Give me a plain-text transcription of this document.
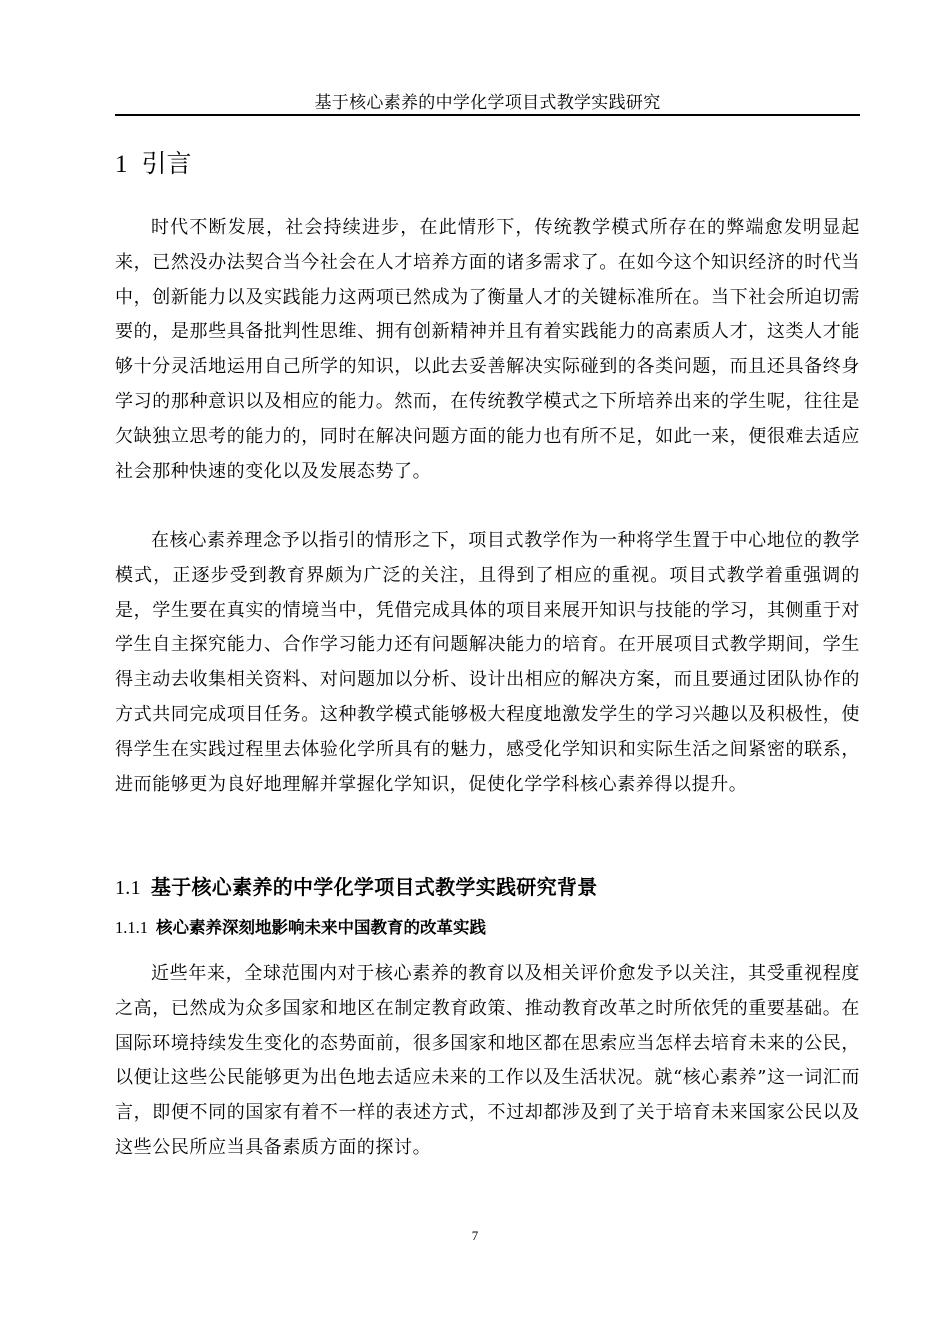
基于核心素养的中学化学项目式教学实践研究
1 引言

时代不断发展，社会持续进步，在此情形下，传统教学模式所存在的弊端愈发明显起来，已然没办法契合当今社会在人才培养方面的诸多需求了。在如今这个知识经济的时代当中，创新能力以及实践能力这两项已然成为了衡量人才的关键标准所在。当下社会所迫切需要的，是那些具备批判性思维、拥有创新精神并且有着实践能力的高素质人才，这类人才能够十分灵活地运用自己所学的知识，以此去妥善解决实际碰到的各类问题，而且还具备终身学习的那种意识以及相应的能力。然而，在传统教学模式之下所培养出来的学生呢，往往是欠缺独立思考的能力的，同时在解决问题方面的能力也有所不足，如此一来，便很难去适应社会那种快速的变化以及发展态势了。

在核心素养理念予以指引的情形之下，项目式教学作为一种将学生置于中心地位的教学模式，正逐步受到教育界颇为广泛的关注，且得到了相应的重视。项目式教学着重强调的是，学生要在真实的情境当中，凭借完成具体的项目来展开知识与技能的学习，其侧重于对学生自主探究能力、合作学习能力还有问题解决能力的培育。在开展项目式教学期间，学生得主动去收集相关资料、对问题加以分析、设计出相应的解决方案，而且要通过团队协作的方式共同完成项目任务。这种教学模式能够极大程度地激发学生的学习兴趣以及积极性，使得学生在实践过程里去体验化学所具有的魅力，感受化学知识和实际生活之间紧密的联系，进而能够更为良好地理解并掌握化学知识，促使化学学科核心素养得以提升。

1.1 基于核心素养的中学化学项目式教学实践研究背景
1.1.1 核心素养深刻地影响未来中国教育的改革实践

近些年来，全球范围内对于核心素养的教育以及相关评价愈发予以关注，其受重视程度之高，已然成为众多国家和地区在制定教育政策、推动教育改革之时所依凭的重要基础。在国际环境持续发生变化的态势面前，很多国家和地区都在思索应当怎样去培育未来的公民，以便让这些公民能够更为出色地去适应未来的工作以及生活状况。就“核心素养”这一词汇而言，即便不同的国家有着不一样的表述方式，不过却都涉及到了关于培育未来国家公民以及这些公民所应当具备素质方面的探讨。

7
